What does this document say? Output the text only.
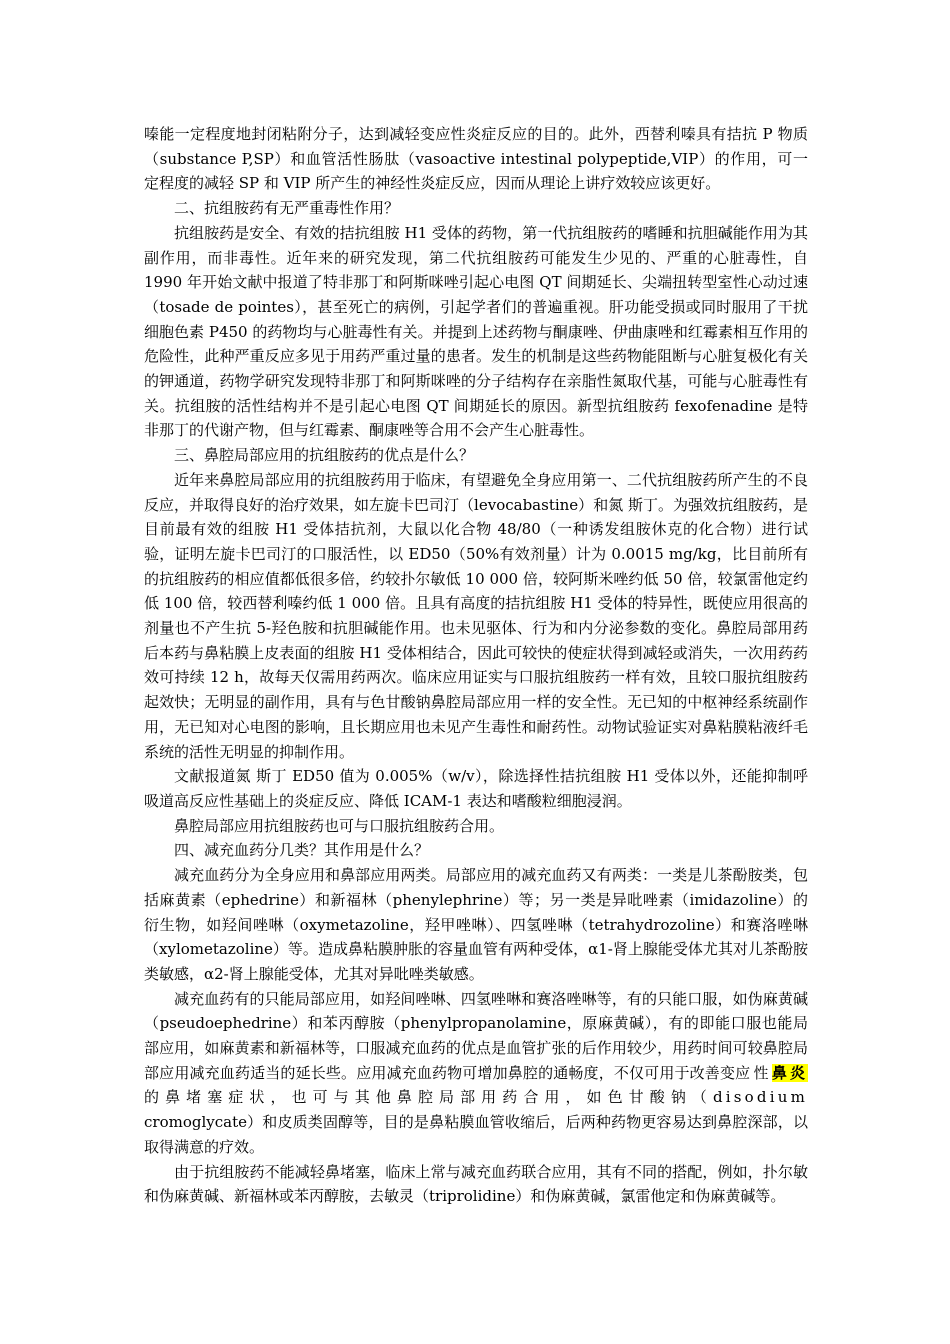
嗪能一定程度地封闭粘附分子，达到减轻变应性炎症反应的目的。此外，西替利嗪具有拮抗 P 物质（substance P,SP）和血管活性肠肽（vasoactive intestinal polypeptide,VIP）的作用，可一定程度的减轻 SP 和 VIP 所产生的神经性炎症反应，因而从理论上讲疗效较应该更好。

二、抗组胺药有无严重毒性作用？

抗组胺药是安全、有效的拮抗组胺 H1 受体的药物，第一代抗组胺药的嗜睡和抗胆碱能作用为其副作用，而非毒性。近年来的研究发现，第二代抗组胺药可能发生少见的、严重的心脏毒性，自 1990 年开始文献中报道了特非那丁和阿斯咪唑引起心电图 QT 间期延长、尖端扭转型室性心动过速（tosade de pointes），甚至死亡的病例，引起学者们的普遍重视。肝功能受损或同时服用了干扰细胞色素 P450 的药物均与心脏毒性有关。并提到上述药物与酮康唑、伊曲康唑和红霉素相互作用的危险性，此种严重反应多见于用药严重过量的患者。发生的机制是这些药物能阻断与心脏复极化有关的钾通道，药物学研究发现特非那丁和阿斯咪唑的分子结构存在亲脂性氮取代基，可能与心脏毒性有关。抗组胺的活性结构并不是引起心电图 QT 间期延长的原因。新型抗组胺药 fexofenadine 是特非那丁的代谢产物，但与红霉素、酮康唑等合用不会产生心脏毒性。

三、鼻腔局部应用的抗组胺药的优点是什么？

近年来鼻腔局部应用的抗组胺药用于临床，有望避免全身应用第一、二代抗组胺药所产生的不良反应，并取得良好的治疗效果，如左旋卡巴司汀（levocabastine）和氮 斯丁。为强效抗组胺药，是目前最有效的组胺 H1 受体拮抗剂，大鼠以化合物 48/80（一种诱发组胺休克的化合物）进行试验，证明左旋卡巴司汀的口服活性，以 ED50（50%有效剂量）计为 0.0015 mg/kg，比目前所有的抗组胺药的相应值都低很多倍，约较扑尔敏低 10 000 倍，较阿斯米唑约低 50 倍，较氯雷他定约低 100 倍，较西替利嗪约低 1 000 倍。且具有高度的拮抗组胺 H1 受体的特异性，既使应用很高的剂量也不产生抗 5-羟色胺和抗胆碱能作用。也未见驱体、行为和内分泌参数的变化。鼻腔局部用药后本药与鼻粘膜上皮表面的组胺 H1 受体相结合，因此可较快的使症状得到减轻或消失，一次用药药效可持续 12 h，故每天仅需用药两次。临床应用证实与口服抗组胺药一样有效，且较口服抗组胺药起效快；无明显的副作用，具有与色甘酸钠鼻腔局部应用一样的安全性。无已知的中枢神经系统副作用，无已知对心电图的影响，且长期应用也未见产生毒性和耐药性。动物试验证实对鼻粘膜粘液纤毛系统的活性无明显的抑制作用。

文献报道氮 斯丁 ED50 值为 0.005%（w/v），除选择性拮抗组胺 H1 受体以外，还能抑制呼吸道高反应性基础上的炎症反应、降低 ICAM-1 表达和嗜酸粒细胞浸润。

鼻腔局部应用抗组胺药也可与口服抗组胺药合用。

四、减充血药分几类？其作用是什么？

减充血药分为全身应用和鼻部应用两类。局部应用的减充血药又有两类：一类是儿茶酚胺类，包括麻黄素（ephedrine）和新福林（phenylephrine）等；另一类是异吡唑素（imidazoline）的衍生物，如羟间唑啉（oxymetazoline，羟甲唑啉）、四氢唑啉（tetrahydrozoline）和赛洛唑啉（xylometazoline）等。造成鼻粘膜肿胀的容量血管有两种受体，α1-肾上腺能受体尤其对儿茶酚胺类敏感，α2-肾上腺能受体，尤其对异吡唑类敏感。

减充血药有的只能局部应用，如羟间唑啉、四氢唑啉和赛洛唑啉等，有的只能口服，如伪麻黄碱（pseudoephedrine）和苯丙醇胺（phenylpropanolamine，原麻黄碱），有的即能口服也能局部应用，如麻黄素和新福林等，口服减充血药的优点是血管扩张的后作用较少，用药时间可较鼻腔局部应用减充血药适当的延长些。应用减充血药物可增加鼻腔的通畅度，不仅可用于改善变应性鼻炎的鼻堵塞症状，也可与其他鼻腔局部用药合用，如色甘酸钠（disodium cromoglycate）和皮质类固醇等，目的是鼻粘膜血管收缩后，后两种药物更容易达到鼻腔深部，以取得满意的疗效。

由于抗组胺药不能减轻鼻堵塞，临床上常与减充血药联合应用，其有不同的搭配，例如，扑尔敏和伪麻黄碱、新福林或苯丙醇胺，去敏灵（triprolidine）和伪麻黄碱，氯雷他定和伪麻黄碱等。
